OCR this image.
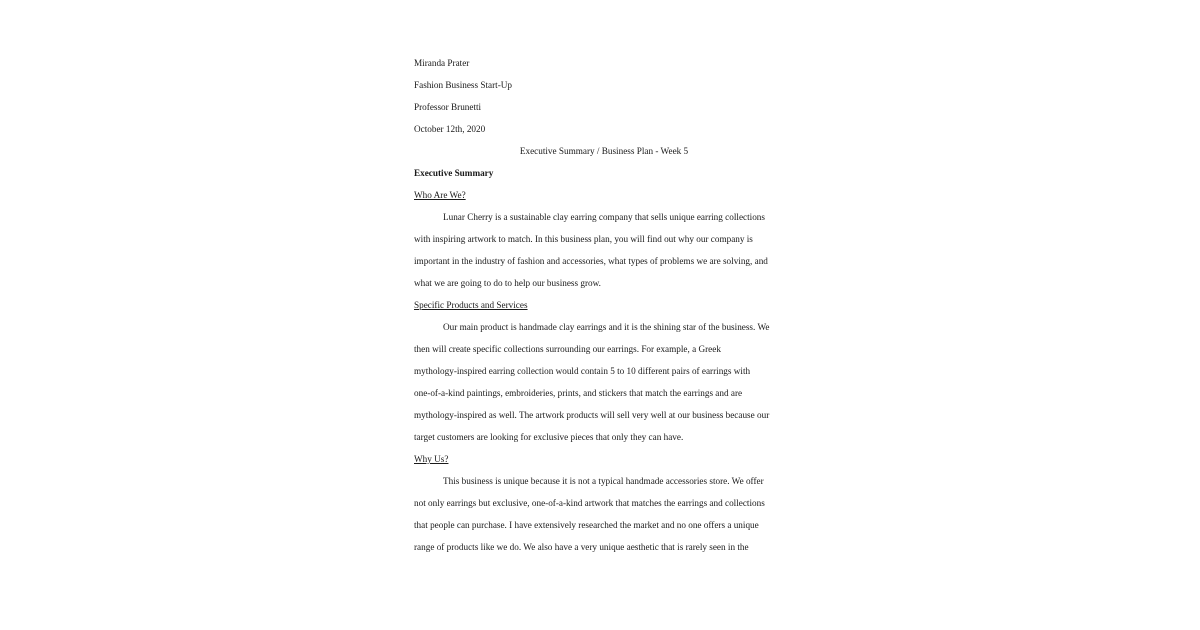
Miranda Prater
Fashion Business Start-Up
Professor Brunetti
October 12th, 2020
Executive Summary / Business Plan - Week 5
Executive Summary
Who Are We?
Lunar Cherry is a sustainable clay earring company that sells unique earring collections
with inspiring artwork to match. In this business plan, you will find out why our company is
important in the industry of fashion and accessories, what types of problems we are solving, and
what we are going to do to help our business grow.
Specific Products and Services
Our main product is handmade clay earrings and it is the shining star of the business. We
then will create specific collections surrounding our earrings. For example, a Greek
mythology-inspired earring collection would contain 5 to 10 different pairs of earrings with
one-of-a-kind paintings, embroideries, prints, and stickers that match the earrings and are
mythology-inspired as well. The artwork products will sell very well at our business because our
target customers are looking for exclusive pieces that only they can have.
Why Us?
This business is unique because it is not a typical handmade accessories store. We offer
not only earrings but exclusive, one-of-a-kind artwork that matches the earrings and collections
that people can purchase. I have extensively researched the market and no one offers a unique
range of products like we do. We also have a very unique aesthetic that is rarely seen in the
